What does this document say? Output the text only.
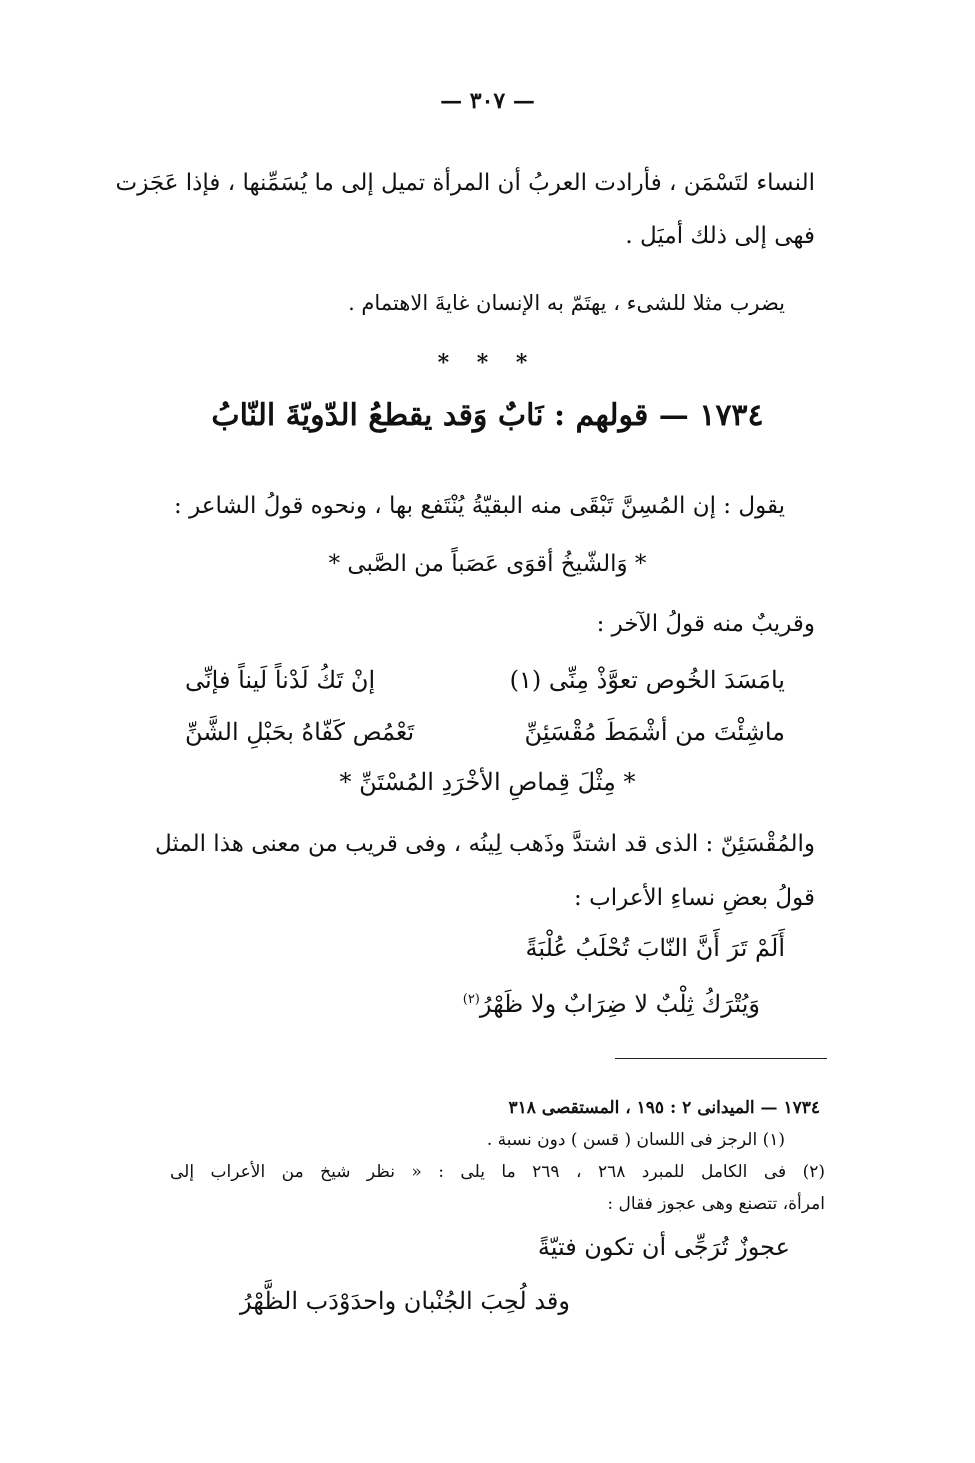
— ٣٠٧ —
النساء لتَسْمَن ، فأرادت العربُ أن المرأة تميل إلى ما يُسَمِّنها ، فإذا عَجَزت
فهى إلى ذلك أميَل .
يضرب مثلا للشىء ، يهتَمّ به الإنسان غايةَ الاهتمام .
* * *
١٧٣٤ — قولهم : نَابٌ وَقد يقطعُ الدّويّةَ النّابُ
يقول : إن المُسِنَّ تَبْقَى منه البقيّةُ يُنْتَفع بها ، ونحوه قولُ الشاعر :
* وَالشّيخُ أقوَى عَصَباً من الصَّبى *
وقريبٌ منه قولُ الآخر :
يامَسَدَ الخُوص تعوَّذْ مِنِّى (١)
إنْ تَكُ لَدْناً لَيناً فإنِّى
ماشِئْتَ من أشْمَطَ مُقْسَئِنِّ
تَعْمُص كَفّاهُ بحَبْلِ الشَّنِّ
* مِثْلَ قِماصِ الأخْرَدِ المُسْتَنِّ *
والمُقْسَئِنّ : الذى قد اشتدَّ وذَهب لِينُه ، وفى قريب من معنى هذا المثل
قولُ بعضِ نساءِ الأعراب :
أَلَمْ تَرَ أَنَّ النّابَ تُحْلَبُ عُلْبَةً
وَيُتْرَكُ ثِلْبٌ لا ضِرَابٌ ولا ظَهْرُ$^{(٢)}$
١٧٣٤ — الميدانى ٢ : ١٩٥ ، المستقصى ٣١٨
(١) الرجز فى اللسان ( قسن ) دون نسبة .
(٢) فى الكامل للمبرد ٢٦٨ ، ٢٦٩ ما يلى : « نظر شيخ من الأعراب إلى
امرأة، تتصنع وهى عجوز فقال :
عجوزٌ تُرَجِّى أن تكون فتيّةً
وقد لُحِبَ الجُنْبان واحدَوْدَب الظَّهْرُ
